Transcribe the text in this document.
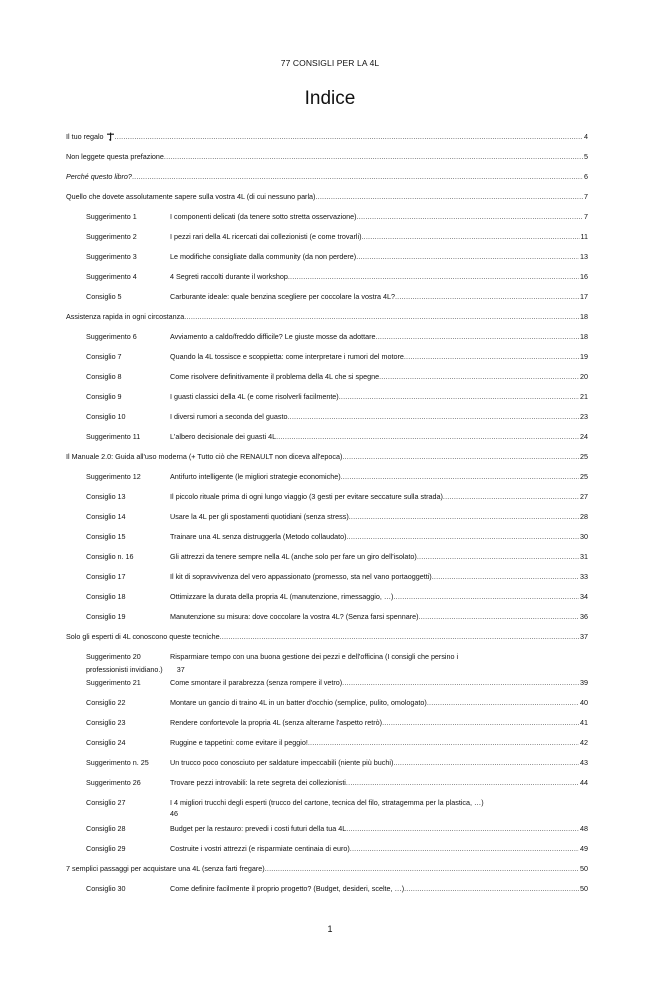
77 CONSIGLI PER LA 4L
Indice
Il tuo regalo .....	4
Non leggete questa prefazione .....	5
Perché questo libro? .....	6
Quello che dovete assolutamente sapere sulla vostra 4L (di cui nessuno parla) .....	7
Suggerimento 1	I componenti delicati (da tenere sotto stretta osservazione) .....	7
Suggerimento 2	I pezzi rari della 4L ricercati dai collezionisti (e come trovarli) .....	11
Suggerimento 3	Le modifiche consigliate dalla community (da non perdere) .....	13
Suggerimento 4	4 Segreti raccolti durante il workshop .....	16
Consiglio 5	Carburante ideale: quale benzina scegliere per coccolare la vostra 4L? .....	17
Assistenza rapida in ogni circostanza .....	18
Suggerimento 6	Avviamento a caldo/freddo difficile? Le giuste mosse da adottare .....	18
Consiglio 7	Quando la 4L tossisce e scoppietta: come interpretare i rumori del motore .....	19
Consiglio 8	Come risolvere definitivamente il problema della 4L che si spegne .....	20
Consiglio 9	I guasti classici della 4L (e come risolverli facilmente) .....	21
Consiglio 10	I diversi rumori a seconda del guasto .....	23
Suggerimento 11	L'albero decisionale dei guasti 4L .....	24
Il Manuale 2.0: Guida all'uso moderna (+ Tutto ciò che RENAULT non diceva all'epoca) .....	25
Suggerimento 12	Antifurto intelligente (le migliori strategie economiche) .....	25
Consiglio 13	Il piccolo rituale prima di ogni lungo viaggio (3 gesti per evitare seccature sulla strada) .....	27
Consiglio 14	Usare la 4L per gli spostamenti quotidiani (senza stress) .....	28
Consiglio 15	Trainare una 4L senza distruggerla (Metodo collaudato) .....	30
Consiglio n. 16	Gli attrezzi da tenere sempre nella 4L (anche solo per fare un giro dell'isolato) .....	31
Consiglio 17	Il kit di sopravvivenza del vero appassionato (promesso, sta nel vano portaoggetti) .....	33
Consiglio 18	Ottimizzare la durata della propria 4L (manutenzione, rimessaggio, …) .....	34
Consiglio 19	Manutenzione su misura: dove coccolare la vostra 4L? (Senza farsi spennare) .....	36
Solo gli esperti di 4L conoscono queste tecniche .....	37
Suggerimento 20	Risparmiare tempo con una buona gestione dei pezzi e dell'officina (I consigli che persino i
professionisti invidiano.) 37
Suggerimento 21	Come smontare il parabrezza (senza rompere il vetro) .....	39
Consiglio 22	Montare un gancio di traino 4L in un batter d'occhio (semplice, pulito, omologato) .....	40
Consiglio 23	Rendere confortevole la propria 4L (senza alterarne l'aspetto retrò) .....	41
Consiglio 24	Ruggine e tappetini: come evitare il peggio! .....	42
Suggerimento n. 25	Un trucco poco conosciuto per saldature impeccabili (niente più buchi) .....	43
Suggerimento 26	Trovare pezzi introvabili: la rete segreta dei collezionisti .....	44
Consiglio 27	I 4 migliori trucchi degli esperti (trucco del cartone, tecnica del filo, stratagemma per la plastica, …)
46
Consiglio 28	Budget per la restauro: prevedi i costi futuri della tua 4L .....	48
Consiglio 29	Costruite i vostri attrezzi (e risparmiate centinaia di euro) .....	49
7 semplici passaggi per acquistare una 4L (senza farti fregare) .....	50
Consiglio 30	Come definire facilmente il proprio progetto? (Budget, desideri, scelte, …) .....	50
1
